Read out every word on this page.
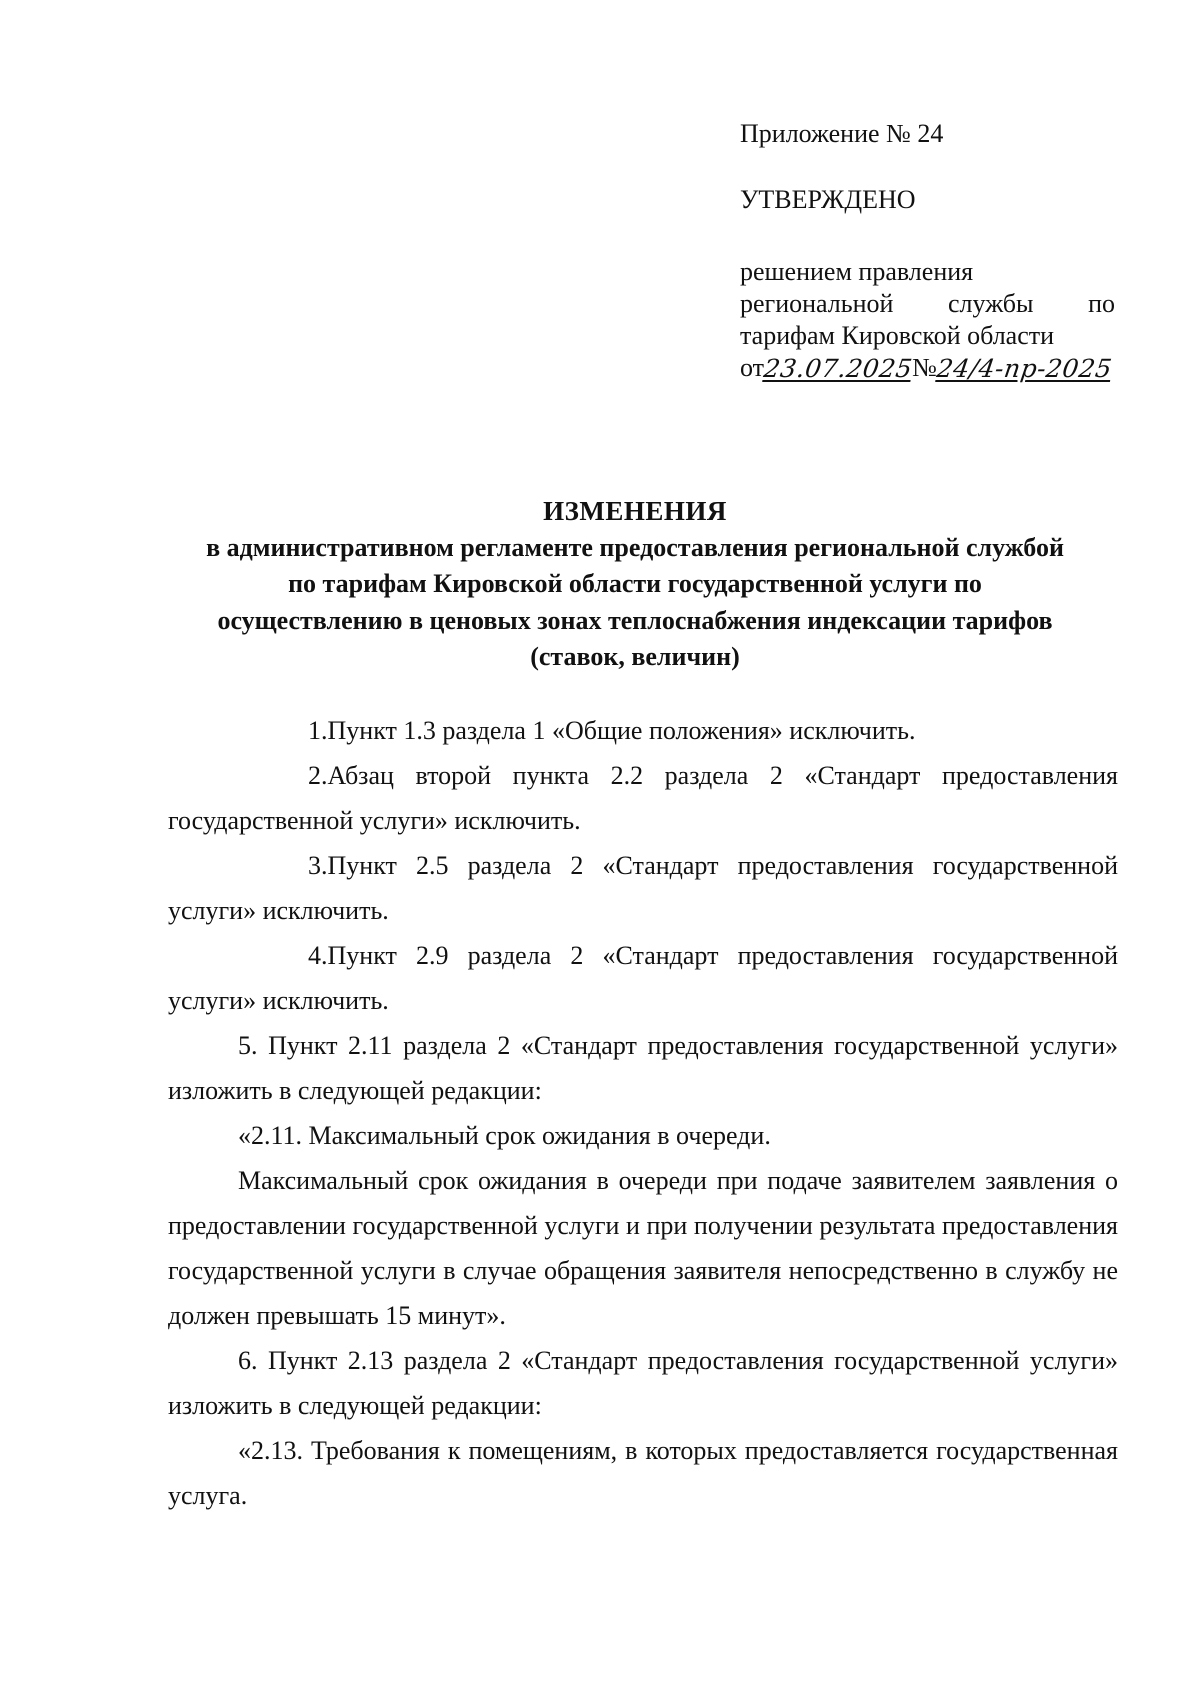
Приложение № 24
УТВЕРЖДЕНО
решением правления
региональной службы по
тарифам Кировской области
от
23.07.2025
№
24/4-пр-2025
ИЗМЕНЕНИЯ
в административном регламенте предоставления региональной службой
по тарифам Кировской области государственной услуги по
осуществлению в ценовых зонах теплоснабжения индексации тарифов
(ставок, величин)

1.Пункт 1.3 раздела 1 «Общие положения» исключить.

2.Абзац второй пункта 2.2 раздела 2 «Стандарт предоставления государственной услуги» исключить.

3.Пункт 2.5 раздела 2 «Стандарт предоставления государственной услуги» исключить.

4.Пункт 2.9 раздела 2 «Стандарт предоставления государственной услуги» исключить.

5. Пункт 2.11 раздела 2 «Стандарт предоставления государственной услуги» изложить в следующей редакции:

«2.11. Максимальный срок ожидания в очереди.

Максимальный срок ожидания в очереди при подаче заявителем заявления о предоставлении государственной услуги и при получении результата предоставления государственной услуги в случае обращения заявителя непосредственно в службу не должен превышать 15 минут».

6. Пункт 2.13 раздела 2 «Стандарт предоставления государственной услуги» изложить в следующей редакции:

«2.13. Требования к помещениям, в которых предоставляется государственная услуга.
